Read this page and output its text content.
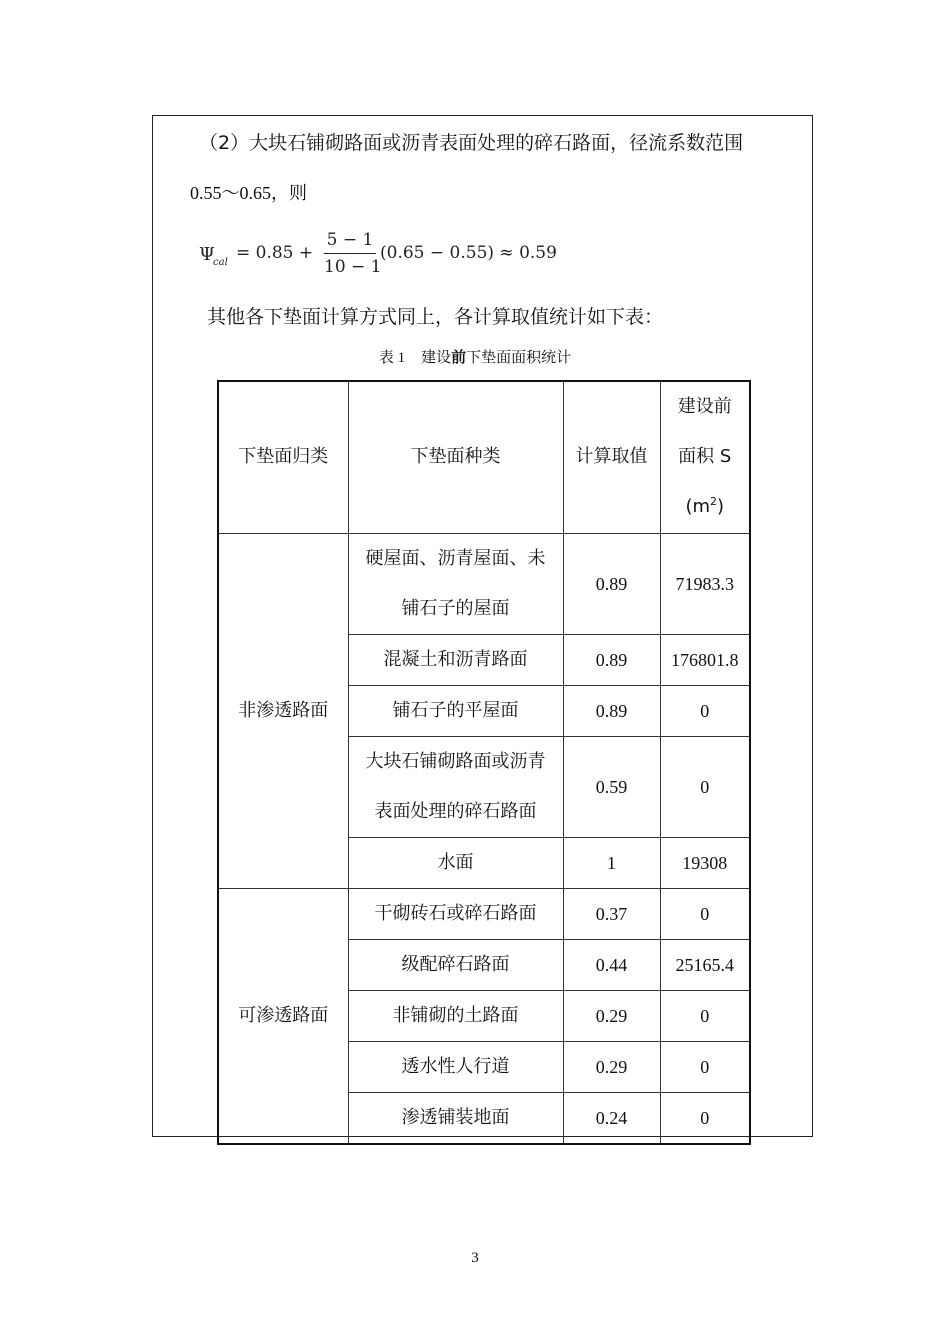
（2）大块石铺砌路面或沥青表面处理的碎石路面，径流系数范围
0.55～0.65，则
Ψ
cal = 0.85 +
5 − 1
10 − 1
(0.65 − 0.55) ≈ 0.59
其他各下垫面计算方式同上，各计算取值统计如下表：
表 1 建设前下垫面面积统计
下垫面归类	下垫面种类	计算取值	建设前
面积 S
$(m^2)$

非渗透路面	硬屋面、沥青屋面、未
铺石子的屋面	0.89	71983.3
	混凝土和沥青路面	0.89	176801.8
	铺石子的平屋面	0.89	0

	大块石铺砌路面或沥青
表面处理的碎石路面	0.59	0
	水面	1	19308
可渗透路面	干砌砖石或碎石路面	0.37	0
	级配碎石路面	0.44	25165.4
	非铺砌的土路面	0.29	0
	透水性人行道	0.29	0
	渗透铺装地面	0.24	0
3
